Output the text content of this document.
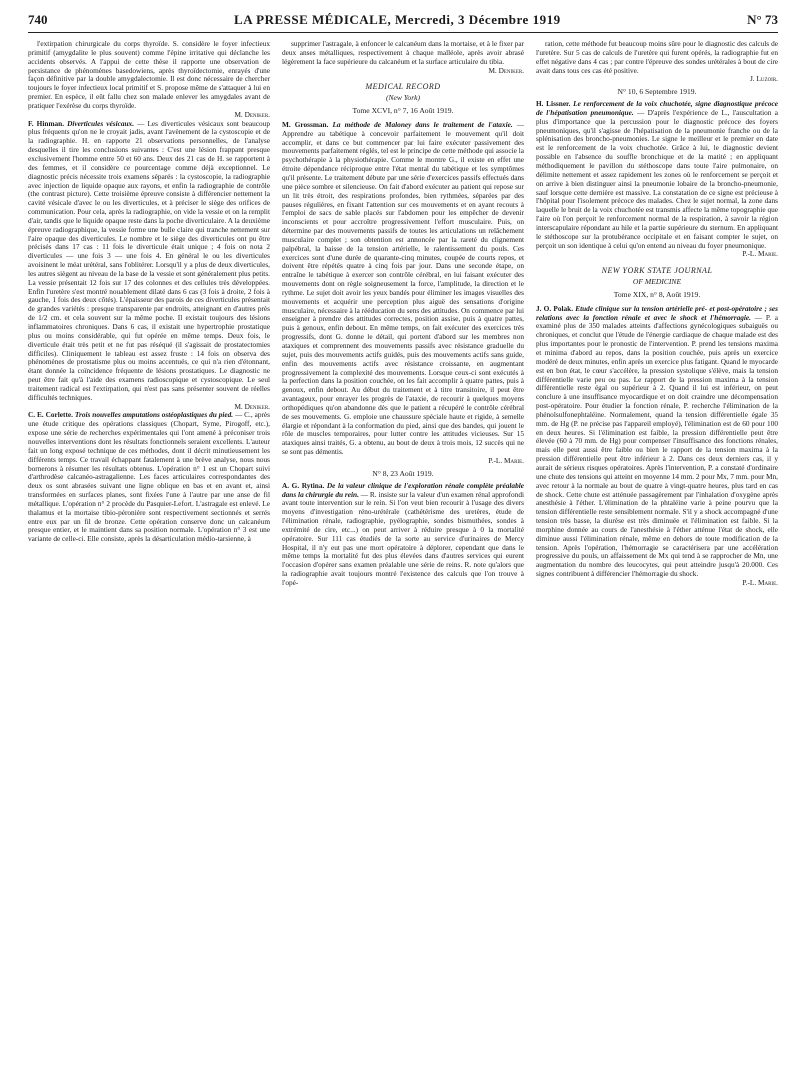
740	LA PRESSE MÉDICALE, Mercredi, 3 Décembre 1919	N° 73

l'extirpation chirurgicale du corps thyroïde. S. considère le foyer infectieux primitif (amygdalite le plus souvent) comme l'épine irritative qui déclanche les accidents observés. A l'appui de cette thèse il rapporte une observation de persistance de phénomènes basedowiens, après thyroïdectomie, enrayés d'une façon définitive par la double amygdalectomie. Il est donc nécessaire de chercher toujours le foyer infectieux local primitif et S. propose même de s'attaquer à lui en premier. En espèce, il eût fallu chez son malade enlever les amygdales avant de pratiquer l'exérèse du corps thyroïde.

M. Deniker.

F. Hinman. Diverticules vésicaux. — Les diverticules vésicaux sont beaucoup plus fréquents qu'on ne le croyait jadis, avant l'avènement de la cystoscopie et de la radiographie. H. en rapporte 21 observations personnelles, de l'analyse desquelles il tire les conclusions suivantes : C'est une lésion frappant presque exclusivement l'homme entre 50 et 60 ans. Deux des 21 cas de H. se rapportent à des femmes, et il considère ce pourcentage comme déjà exceptionnel. Le diagnostic précis nécessite trois examens séparés : la cystoscopie, la radiographie avec injection de liquide opaque aux rayons, et enfin la radiographie de contrôle (the contrast picture). Cette troisième épreuve consiste à différencier nettement la cavité vésicale d'avec le ou les diverticules, et à préciser le siège des orifices de communication. Pour cela, après la radiographie, on vide la vessie et on la remplit d'air, tandis que le liquide opaque reste dans la poche diverticulaire. A la deuxième épreuve radiographique, la vessie forme une bulle claire qui tranche nettement sur l'aire opaque des diverticules. Le nombre et le siège des diverticules ont pu être précisés dans 17 cas : 11 fois le diverticule était unique ; 4 fois on nota 2 diverticules — une fois 3 — une fois 4. En général le ou les diverticules avoisinent le méat urétéral, sans l'oblitérer. Lorsqu'il y a plus de deux diverticules, les autres siègent au niveau de la base de la vessie et sont généralement plus petits. La vessie présentait 12 fois sur 17 des colonnes et des cellules très développées. Enfin l'uretère s'est montré nouablement dilaté dans 6 cas (3 fois à droite, 2 fois à gauche, 1 fois des deux côtés). L'épaisseur des parois de ces diverticules présentait de grandes variétés : presque transparente par endroits, atteignant en d'autres près de 1/2 cm. et cela souvent sur la même poche. Il existait toujours des lésions inflammatoires chroniques. Dans 6 cas, il existait une hypertrophie prostatique plus ou moins considérable, qui fut opérée en même temps. Deux fois, le diverticule était très petit et ne fut pas réséqué (il s'agissait de prostatectomies difficiles). Cliniquement le tableau est assez fruste : 14 fois on observa des phénomènes de prostatisme plus ou moins accentués, ce qui n'a rien d'étonnant, étant donnée la coïncidence fréquente de lésions prostatiques. Le diagnostic ne peut être fait qu'à l'aide des examens radioscopique et cystoscopique. Le seul traitement radical est l'extirpation, qui n'est pas sans présenter souvent de réelles difficultés techniques.

M. Deniker.

C. E. Corlette. Trois nouvelles amputations ostéoplastiques du pied. — C., après une étude critique des opérations classiques (Chopart, Syme, Pirogoff, etc.), expose une série de recherches expérimentales qui l'ont amené à préconiser trois nouvelles interventions dont les résultats fonctionnels seraient excellents. L'auteur fait un long exposé technique de ces méthodes, dont il décrit minutieusement les différents temps. Ce travail échappant fatalement à une brève analyse, nous nous bornerons à résumer les résultats obtenus. L'opération n° 1 est un Chopart suivi d'arthrodèse calcanéo-astragalienne. Les faces articulaires correspondantes des deux os sont abrasées suivant une ligne oblique en bas et en avant et, ainsi transformées en surfaces planes, sont fixées l'une à l'autre par une anse de fil métallique. L'opération n° 2 procède du Pasquier-Lefort. L'astragale est enlevé. Le thalamus et la mortaise tibio-péronière sont respectivement sectionnés et serrés entre eux par un fil de bronze. Cette opération conserve donc un calcanéum presque entier, et le maintient dans sa position normale. L'opération n° 3 est une variante de celle-ci. Elle consiste, après la désarticulation médio-tarsienne, à

supprimer l'astragale, à enfoncer le calcanéum dans la mortaise, et à le fixer par deux anses métalliques, respectivement à chaque malléole, après avoir abrasé légèrement la face supérieure du calcanéum et la surface articulaire du tibia.

M. Deniker.

MEDICAL RECORD
(New York)
Tome XCVI, n° 7, 16 Août 1919.

M. Grossman. La méthode de Maloney dans le traitement de l'ataxie. — Apprendre au tabétique à concevoir parfaitement le mouvement qu'il doit accomplir, et dans ce but commencer par lui faire exécuter passivement des mouvements parfaitement réglés, tel est le principe de cette méthode qui associe la psychothérapie à la physiothérapie. Comme le montre G., il existe en effet une étroite dépendance réciproque entre l'état mental du tabétique et les symptômes qu'il présente. Le traitement débute par une série d'exercices passifs effectués dans une pièce sombre et silencieuse. On fait d'abord exécuter au patient qui repose sur un lit très étroit, des respirations profondes, bien rythmées, séparées par des pauses régulières, en fixant l'attention sur ces mouvements et en ayant recours à l'emploi de sacs de sable placés sur l'abdomen pour les empêcher de devenir inconscients et pour accroître progressivement l'effort musculaire. Puis, on détermine par des mouvements passifs de toutes les articulations un relâchement musculaire complet ; son obtention est annoncée par la rareté du clignement palpébral, la baisse de la tension artérielle, le ralentissement du pouls. Ces exercices sont d'une durée de quarante-cinq minutes, coupée de courts repos, et doivent être répétés quatre à cinq fois par jour. Dans une seconde étape, on entraîne le tabétique à exercer son contrôle cérébral, en lui faisant exécuter des mouvements dont on règle soigneusement la force, l'amplitude, la direction et le rythme. Le sujet doit avoir les yeux bandés pour éliminer les images visuelles des mouvements et acquérir une perception plus aiguë des sensations d'origine musculaire, nécessaire à la rééducation du sens des attitudes. On commence par lui enseigner à prendre des attitudes correctes, position assise, puis à quatre pattes, puis à genoux, enfin debout. En même temps, on fait exécuter des exercices très progressifs, dont G. donne le détail, qui portent d'abord sur les membres non ataxiques et comprennent des mouvements passifs avec résistance graduelle du sujet, puis des mouvements actifs guidés, puis des mouvements actifs sans guide, enfin des mouvements actifs avec résistance croissante, en augmentant progressivement la complexité des mouvements. Lorsque ceux-ci sont exécutés à la perfection dans la position couchée, on les fait accomplir à quatre pattes, puis à genoux, enfin debout. Au début du traitement et à titre transitoire, il peut être avantageux, pour enrayer les progrès de l'ataxie, de recourir à quelques moyens orthopédiques qu'on abandonne dès que le patient a récupéré le contrôle cérébral de ses mouvements. G. emploie une chaussure spéciale haute et rigide, à semelle élargie et répondant à la conformation du pied, ainsi que des bandes, qui jouent le rôle de muscles temporaires, pour lutter contre les attitudes vicieuses. Sur 15 ataxiques ainsi traités, G. a obtenu, au bout de deux à trois mois, 12 succès qui ne se sont pas démentis.

P.-L. Marie.

N° 8, 23 Août 1919.

A. G. Rytina. De la valeur clinique de l'exploration rénale complète préalable dans la chirurgie du rein. — R. insiste sur la valeur d'un examen rénal approfondi avant toute intervention sur le rein. Si l'on veut bien recourir à l'usage des divers moyens d'investigation réno-urétérale (cathétérisme des uretères, étude de l'élimination rénale, radiographie, pyélographie, sondes bismuthées, sondes à extrémité de cire, etc...) on peut arriver à réduire presque à 0 la mortalité opératoire. Sur 111 cas étudiés de la sorte au service d'urinaires de Mercy Hospital, il n'y eut pas une mort opératoire à déplorer, cependant que dans le même temps la mortalité fut des plus élevées dans d'autres services qui eurent l'occasion d'opérer sans examen préalable une série de reins. R. note qu'alors que la radiographie avait toujours montré l'existence des calculs que l'on trouve à l'opé-

ration, cette méthode fut beaucoup moins sûre pour le diagnostic des calculs de l'uretère. Sur 5 cas de calculs de l'uretère qui furent opérés, la radiographie fut en effet négative dans 4 cas ; par contre l'épreuve des sondes urétérales à bout de cire avait dans tous ces cas été positive.

J. Luzoir.

N° 10, 6 Septembre 1919.

H. Lissner. Le renforcement de la voix chuchotée, signe diagnostique précoce de l'hépatisation pneumonique. — D'après l'expérience de L., l'auscultation a plus d'importance que la percussion pour le diagnostic précoce des foyers pneumoniques, qu'il s'agisse de l'hépatisation de la pneumonie franche ou de la splénisation des broncho-pneumonies. Le signe le meilleur et le premier en date est le renforcement de la voix chuchotée. Grâce à lui, le diagnostic devient possible en l'absence du souffle bronchique et de la matité ; en appliquant méthodiquement le pavillon du stéthoscope dans toute l'aire pulmonaire, on délimite nettement et assez rapidement les zones où le renforcement se perçoit et on arrive à bien distinguer ainsi la pneumonie lobaire de la broncho-pneumonie, sauf lorsque cette dernière est massive. La constatation de ce signe est précieuse à l'hôpital pour l'isolement précoce des malades. Chez le sujet normal, la zone dans laquelle le bruit de la voix chuchotée est transmis affecte la même topographie que l'aire où l'on perçoit le renforcement normal de la respiration, à savoir la région interscapulaire répondant au hile et la partie supérieure du sternum. En appliquant le stéthoscope sur la protubérance occipitale et en faisant compter le sujet, on perçoit un son identique à celui qu'on entend au niveau du foyer pneumonique.

P.-L. Marie.

NEW YORK STATE JOURNAL
OF MEDICINE
Tome XIX, n° 8, Août 1919.

J. O. Polak. Etude clinique sur la tension artérielle pré- et post-opératoire ; ses relations avec la fonction rénale et avec le shock et l'hémorragie. — P. a examiné plus de 350 malades atteints d'affections gynécologiques subaiguës ou chroniques, et conclut que l'étude de l'énergie cardiaque de chaque malade est des plus importantes pour le pronostic de l'intervention. P. prend les tensions maxima et minima d'abord au repos, dans la position couchée, puis après un exercice modéré de deux minutes, enfin après un exercice plus fatigant. Quand le myocarde est en bon état, le cœur s'accélère, la pression systolique s'élève, mais la tension différentielle varie peu ou pas. Le rapport de la pression maxima à la tension différentielle reste égal ou supérieur à 2. Quand il lui est inférieur, on peut conclure à une insuffisance myocardique et on doit craindre une décompensation post-opératoire. Pour étudier la fonction rénale, P. recherche l'élimination de la phénolsulfonephtaléine. Normalement, quand la tension différentielle égale 35 mm. de Hg (P. ne précise pas l'appareil employé), l'élimination est de 60 pour 100 en deux heures. Si l'élimination est faible, la pression différentielle peut être élevée (60 à 70 mm. de Hg) pour compenser l'insuffisance des fonctions rénales, mais elle peut aussi être faible ou bien le rapport de la tension maxima à la pression différentielle peut être inférieur à 2. Dans ces deux derniers cas, il y aurait de sérieux risques opératoires. Après l'intervention, P. a constaté d'ordinaire une chute des tensions qui atteint en moyenne 14 mm. 2 pour Mx, 7 mm. pour Mn, avec retour à la normale au bout de quatre à vingt-quatre heures, plus tard en cas de shock. Cette chute est atténuée passagèrement par l'inhalation d'oxygène après anesthésie à l'éther. L'élimination de la phtaléine varie à peine pourvu que la tension différentielle reste sensiblement normale. S'il y a shock accompagné d'une tension très basse, la diurèse est très diminuée et l'élimination est faible. Si la morphine donnée au cours de l'anesthésie à l'éther atténue l'état de shock, elle diminue aussi l'élimination rénale, même en dehors de toute modification de la tension. Après l'opération, l'hémorragie se caractérisera par une accélération progressive du pouls, un affaissement de Mx qui tend à se rapprocher de Mn, une augmentation du nombre des leucocytes, qui peut atteindre jusqu'à 20.000. Ces signes contribuent à différencier l'hémorragie du shock.

P.-L. Marie.
